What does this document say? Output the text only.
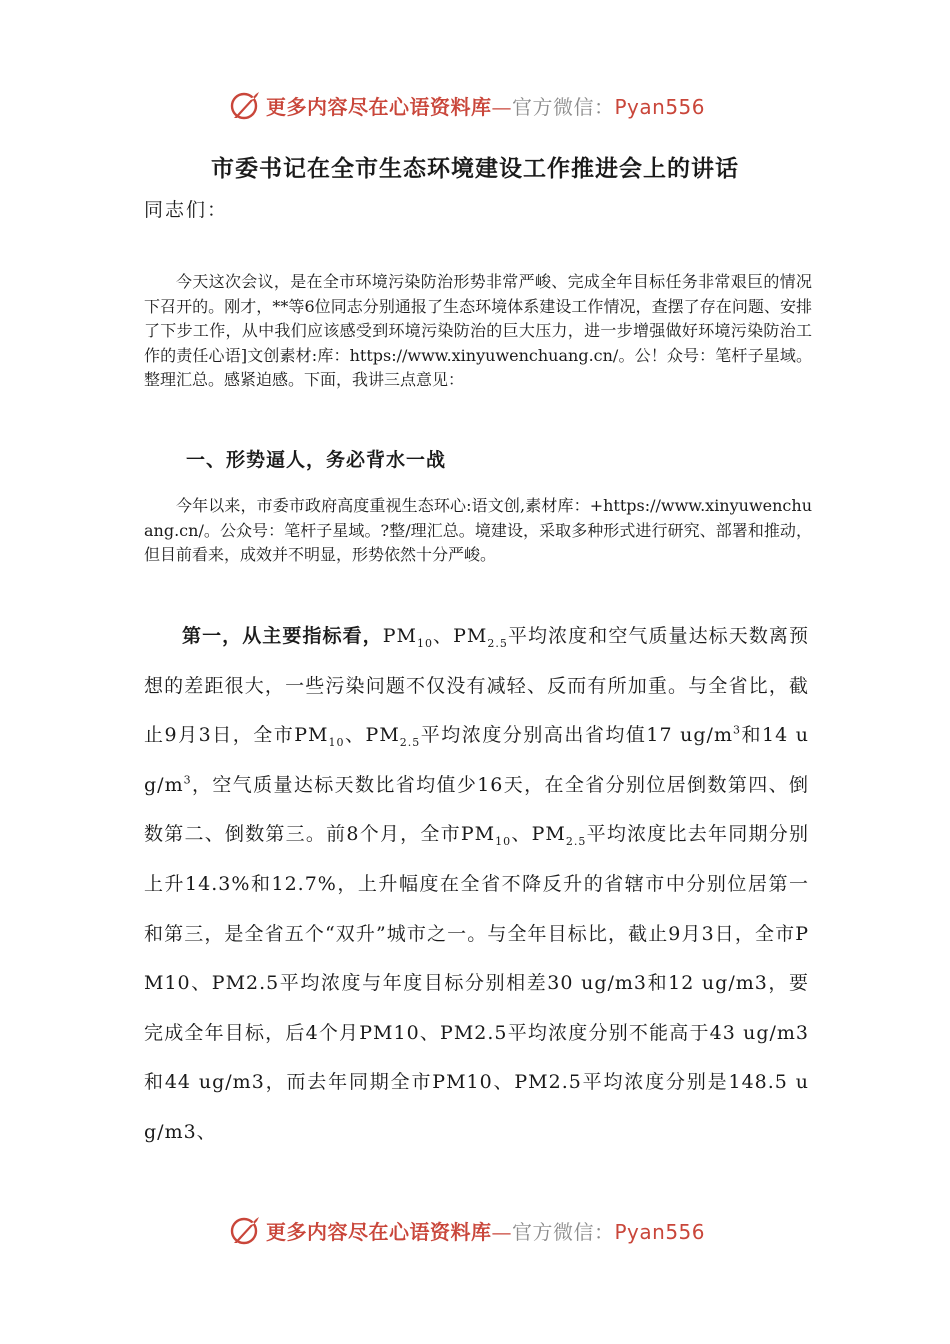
更多内容尽在心语资料库—官方微信：Pyan556
市委书记在全市生态环境建设工作推进会上的讲话
同志们：
今天这次会议，是在全市环境污染防治形势非常严峻、完成全年目标任务非常艰巨的情况下召开的。刚才，**等6位同志分别通报了生态环境体系建设工作情况，查摆了存在问题、安排了下步工作，从中我们应该感受到环境污染防治的巨大压力，进一步增强做好环境污染防治工作的责任心语]文创素材:库：https://www.xinyuwenchuang.cn/。公！众号：笔杆子星域。整理汇总。感紧迫感。下面，我讲三点意见：
一、形势逼人，务必背水一战
今年以来，市委市政府高度重视生态环心:语文创,素材库：+https://www.xinyuwenchuang.cn/。公众号：笔杆子星域。?整/理汇总。境建设，采取多种形式进行研究、部署和推动，但目前看来，成效并不明显，形势依然十分严峻。
第一，从主要指标看，$PM_{10}$、$PM_{2.5}$平均浓度和空气质量达标天数离预想的差距很大，一些污染问题不仅没有减轻、反而有所加重。与全省比，截止9月3日，全市$PM_{10}$、$PM_{2.5}$平均浓度分别高出省均值17 $ug/m^3$和14 $ug/m^3$，空气质量达标天数比省均值少16天，在全省分别位居倒数第四、倒数第二、倒数第三。前8个月，全市$PM_{10}$、$PM_{2.5}$平均浓度比去年同期分别上升14.3%和12.7%，上升幅度在全省不降反升的省辖市中分别位居第一和第三，是全省五个“双升”城市之一。与全年目标比，截止9月3日，全市PM10、PM2.5平均浓度与年度目标分别相差30 ug/m3和12 ug/m3，要完成全年目标，后4个月PM10、PM2.5平均浓度分别不能高于43 ug/m3和44 ug/m3，而去年同期全市PM10、PM2.5平均浓度分别是148.5 ug/m3、
更多内容尽在心语资料库—官方微信：Pyan556
